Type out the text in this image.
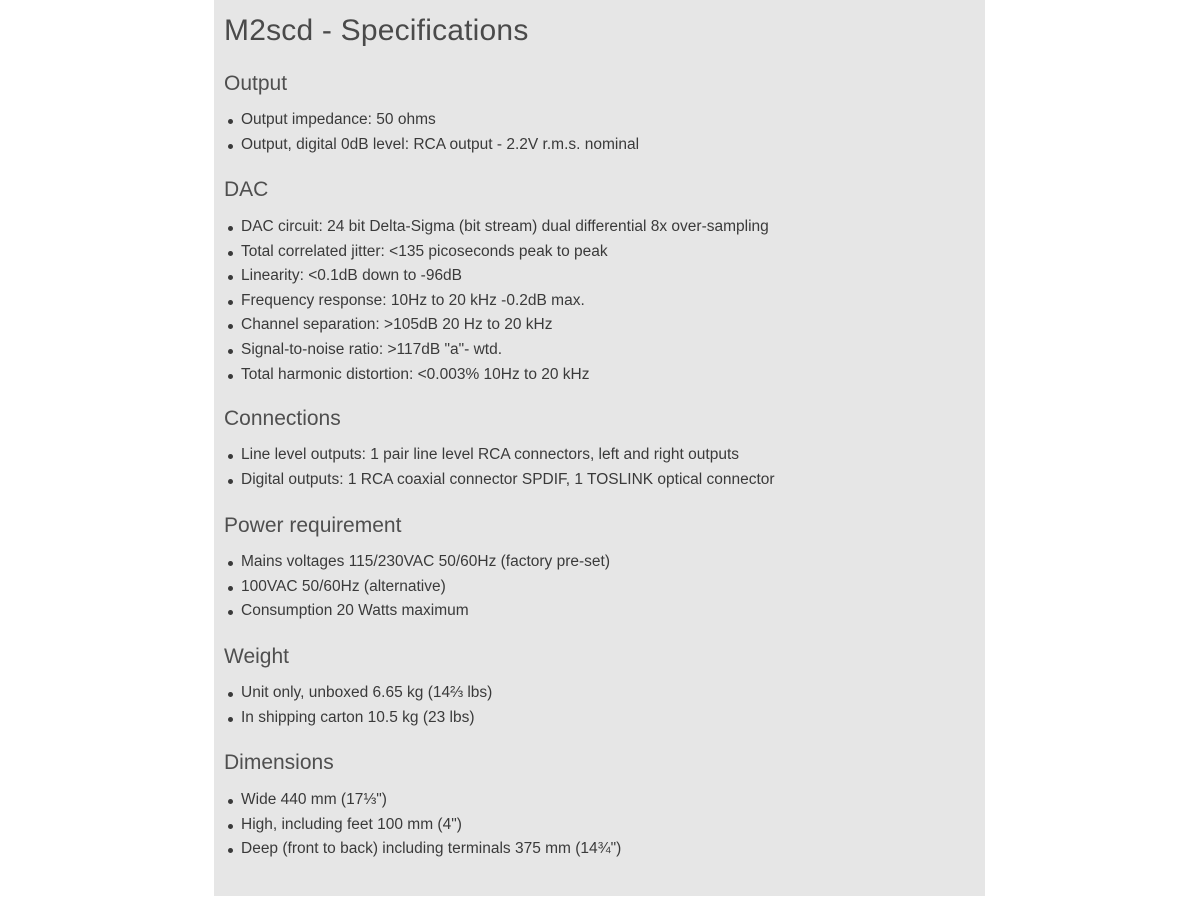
M2scd - Specifications
Output
Output impedance: 50 ohms
Output, digital 0dB level: RCA output - 2.2V r.m.s. nominal
DAC
DAC circuit: 24 bit Delta-Sigma (bit stream) dual differential 8x over-sampling
Total correlated jitter: <135 picoseconds peak to peak
Linearity: <0.1dB down to -96dB
Frequency response: 10Hz to 20 kHz -0.2dB max.
Channel separation: >105dB 20 Hz to 20 kHz
Signal-to-noise ratio: >117dB "a"- wtd.
Total harmonic distortion: <0.003% 10Hz to 20 kHz
Connections
Line level outputs: 1 pair line level RCA connectors, left and right outputs
Digital outputs: 1 RCA coaxial connector SPDIF, 1 TOSLINK optical connector
Power requirement
Mains voltages 115/230VAC 50/60Hz (factory pre-set)
100VAC 50/60Hz (alternative)
Consumption 20 Watts maximum
Weight
Unit only, unboxed 6.65 kg (14⅔ lbs)
In shipping carton 10.5 kg (23 lbs)
Dimensions
Wide 440 mm (17⅓")
High, including feet 100 mm (4")
Deep (front to back) including terminals 375 mm (14¾")
